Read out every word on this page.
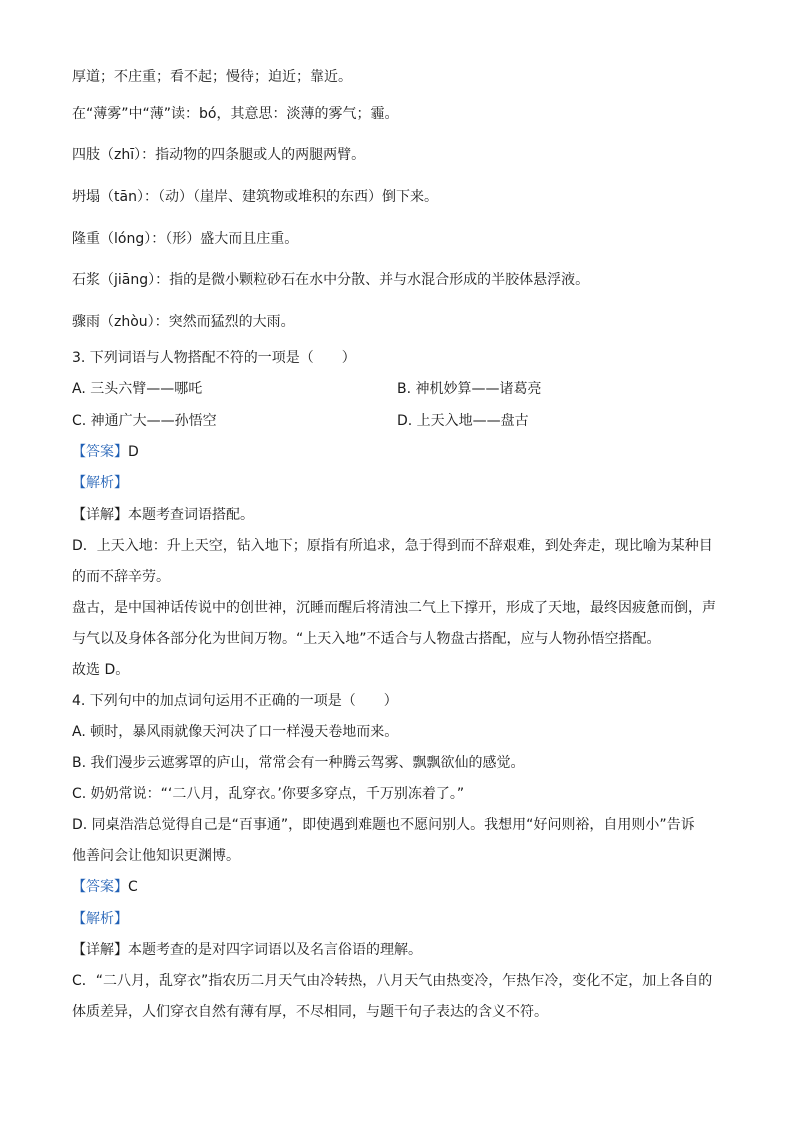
厚道；不庄重；看不起；慢待；迫近；靠近。
在“薄雾”中“薄”读：bó，其意思：淡薄的雾气；霾。
四肢（zhī）：指动物的四条腿或人的两腿两臂。
坍塌（tān）：（动）（崖岸、建筑物或堆积的东西）倒下来。
隆重（lóng）：（形）盛大而且庄重。
石浆（jiāng）：指的是微小颗粒砂石在水中分散、并与水混合形成的半胶体悬浮液。
骤雨（zhòu）：突然而猛烈的大雨。
3. 下列词语与人物搭配不符的一项是（　　）
A. 三头六臂——哪吒	B. 神机妙算——诸葛亮
C. 神通广大——孙悟空	D. 上天入地——盘古
【答案】D
【解析】
【详解】本题考查词语搭配。
D．上天入地：升上天空，钻入地下；原指有所追求，急于得到而不辞艰难，到处奔走，现比喻为某种目
的而不辞辛劳。
盘古，是中国神话传说中的创世神，沉睡而醒后将清浊二气上下撑开，形成了天地，最终因疲惫而倒，声
与气以及身体各部分化为世间万物。“上天入地”不适合与人物盘古搭配，应与人物孙悟空搭配。
故选 D。
4. 下列句中的加点词句运用不正确的一项是（　　）
A. 顿时，暴风雨就像天河决了口一样漫天卷地而来。
B. 我们漫步云遮雾罩的庐山，常常会有一种腾云驾雾、飘飘欲仙的感觉。
C. 奶奶常说：“‘二八月，乱穿衣。’你要多穿点，千万别冻着了。”
D. 同桌浩浩总觉得自己是“百事通”，即使遇到难题也不愿问别人。我想用“好问则裕，自用则小”告诉
他善问会让他知识更渊博。
【答案】C
【解析】
【详解】本题考查的是对四字词语以及名言俗语的理解。
C．“二八月，乱穿衣”指农历二月天气由冷转热，八月天气由热变冷，乍热乍冷，变化不定，加上各自的
体质差异，人们穿衣自然有薄有厚，不尽相同，与题干句子表达的含义不符。
